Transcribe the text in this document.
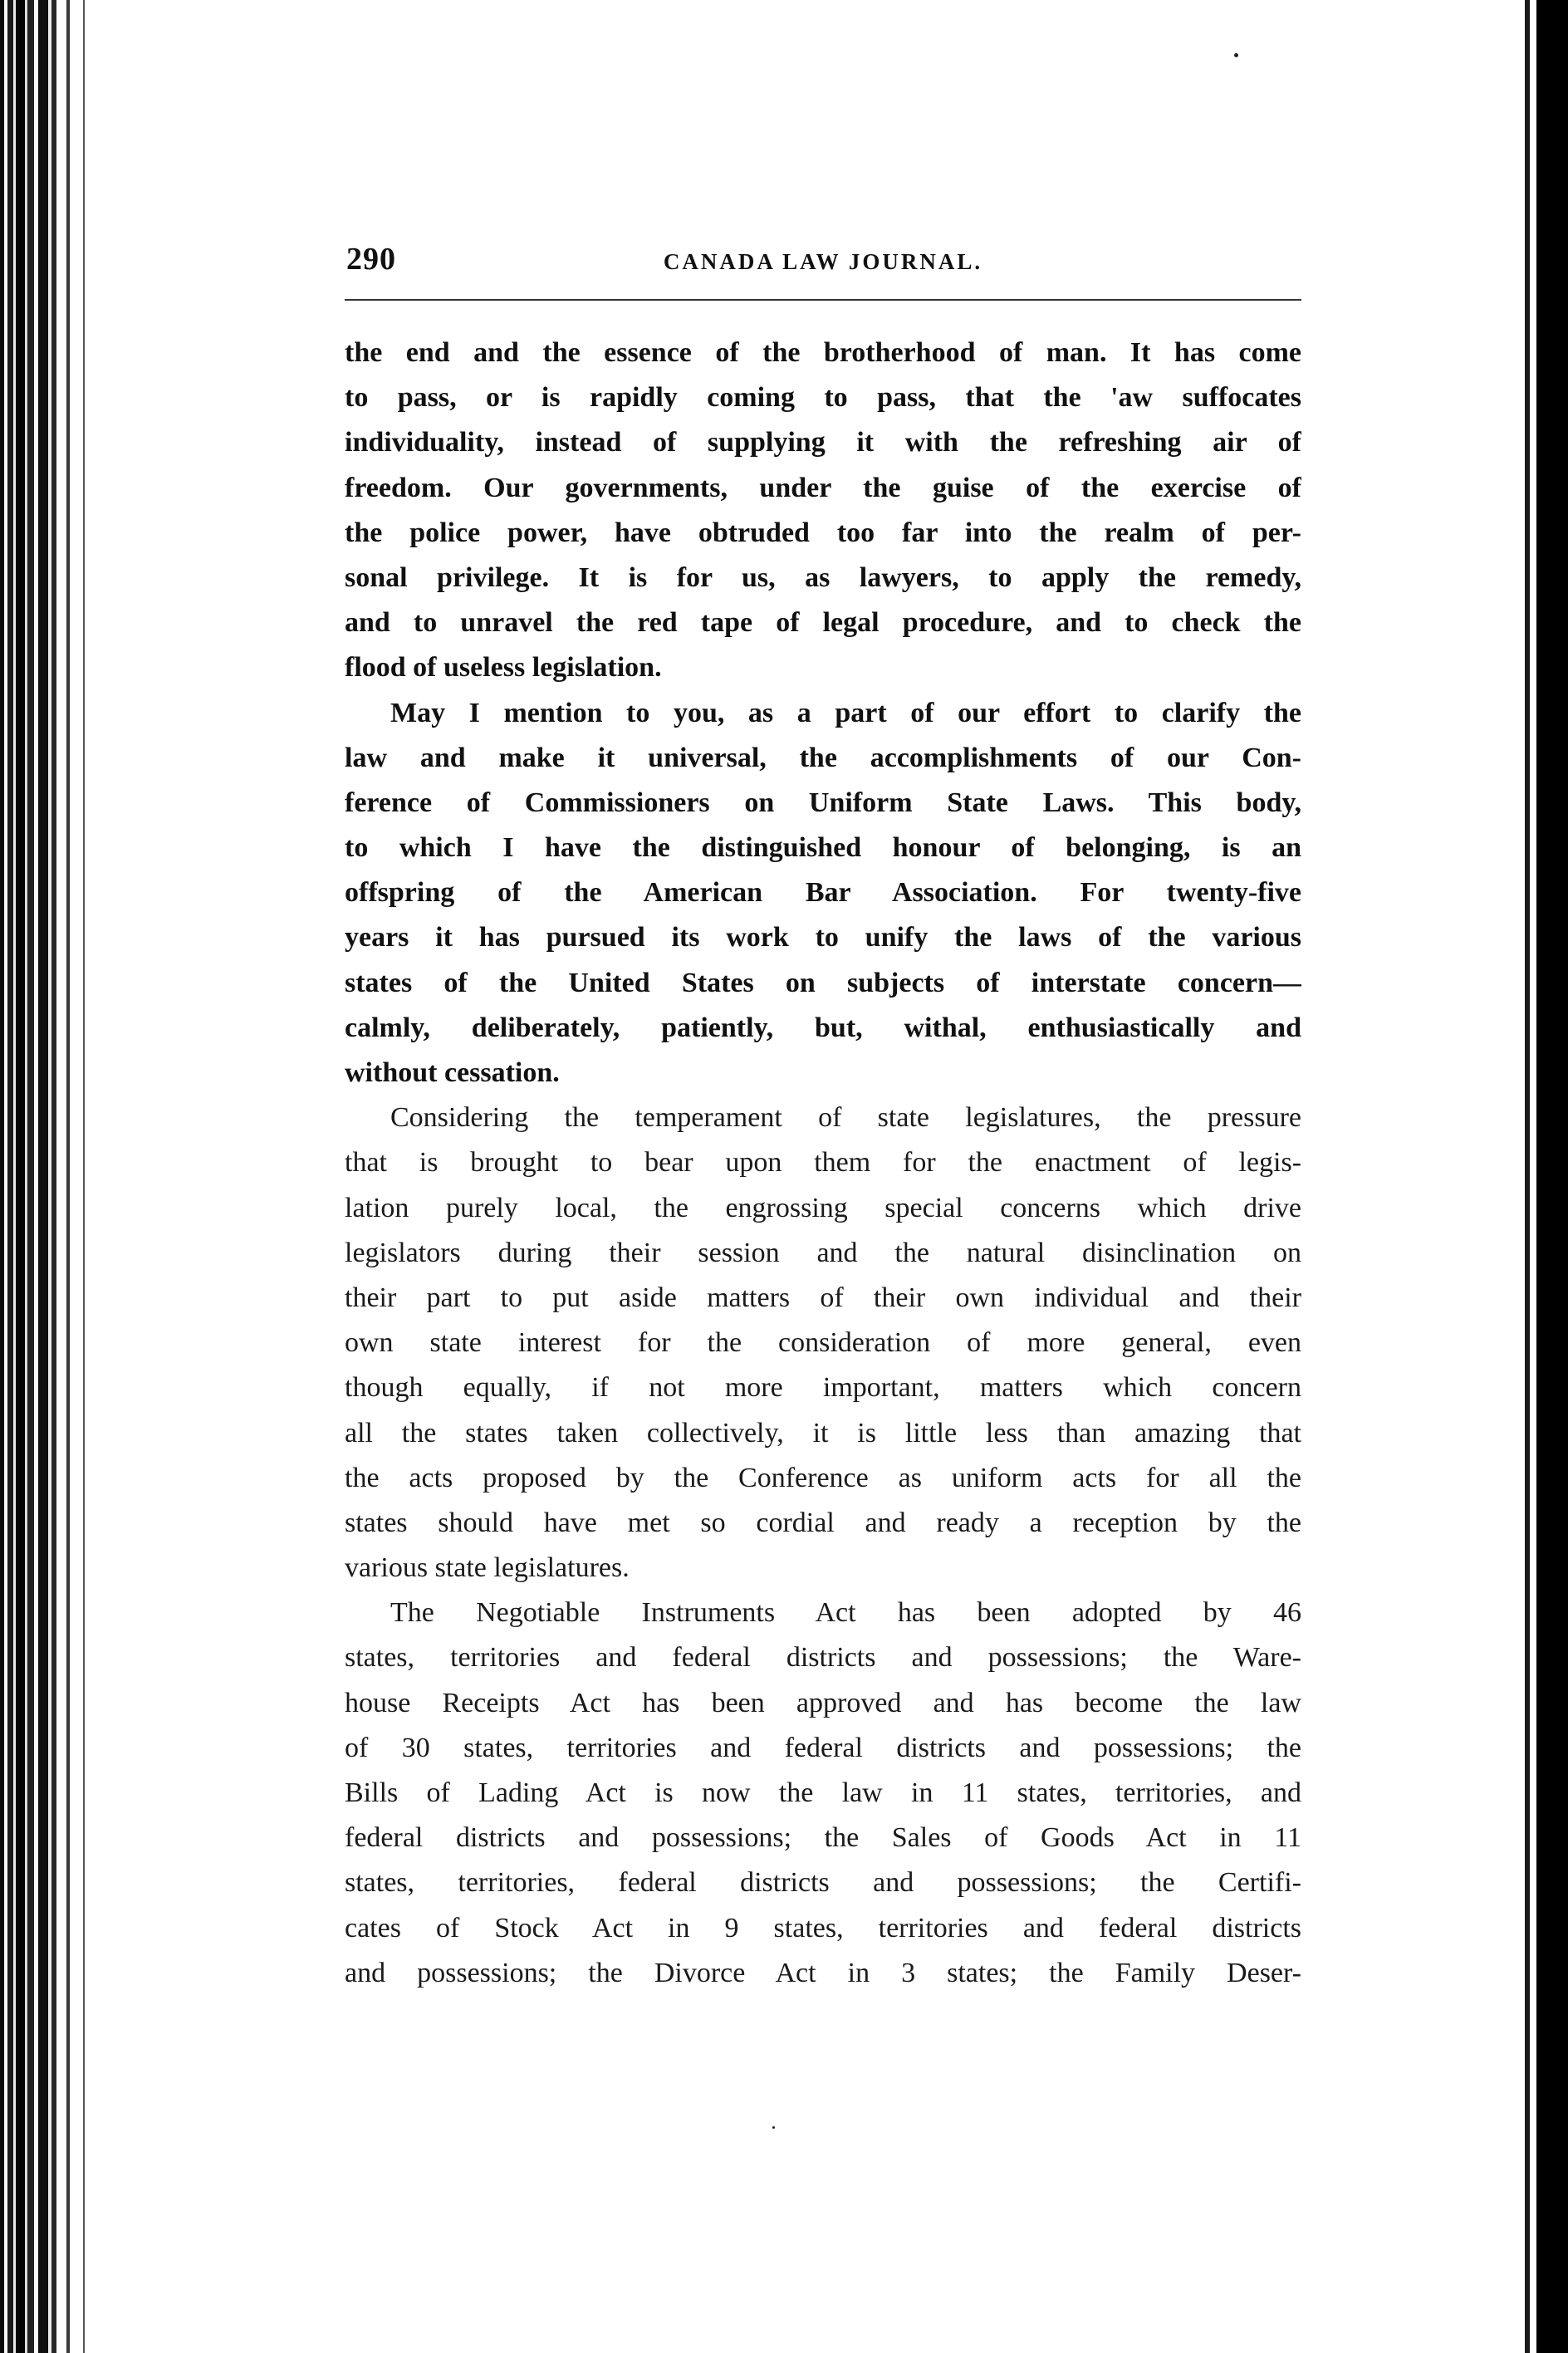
290	CANADA LAW JOURNAL.
the end and the essence of the brotherhood of man. It has come
to pass, or is rapidly coming to pass, that the 'aw suffocates
individuality, instead of supplying it with the refreshing air of
freedom. Our governments, under the guise of the exercise of
the police power, have obtruded too far into the realm of per-
sonal privilege. It is for us, as lawyers, to apply the remedy,
and to unravel the red tape of legal procedure, and to check the
flood of useless legislation.
May I mention to you, as a part of our effort to clarify the
law and make it universal, the accomplishments of our Con-
ference of Commissioners on Uniform State Laws. This body,
to which I have the distinguished honour of belonging, is an
offspring of the American Bar Association. For twenty-five
years it has pursued its work to unify the laws of the various
states of the United States on subjects of interstate concern—
calmly, deliberately, patiently, but, withal, enthusiastically and
without cessation.
Considering the temperament of state legislatures, the pressure
that is brought to bear upon them for the enactment of legis-
lation purely local, the engrossing special concerns which drive
legislators during their session and the natural disinclination on
their part to put aside matters of their own individual and their
own state interest for the consideration of more general, even
though equally, if not more important, matters which concern
all the states taken collectively, it is little less than amazing that
the acts proposed by the Conference as uniform acts for all the
states should have met so cordial and ready a reception by the
various state legislatures.
The Negotiable Instruments Act has been adopted by 46
states, territories and federal districts and possessions; the Ware-
house Receipts Act has been approved and has become the law
of 30 states, territories and federal districts and possessions; the
Bills of Lading Act is now the law in 11 states, territories, and
federal districts and possessions; the Sales of Goods Act in 11
states, territories, federal districts and possessions; the Certifi-
cates of Stock Act in 9 states, territories and federal districts
and possessions; the Divorce Act in 3 states; the Family Deser-
